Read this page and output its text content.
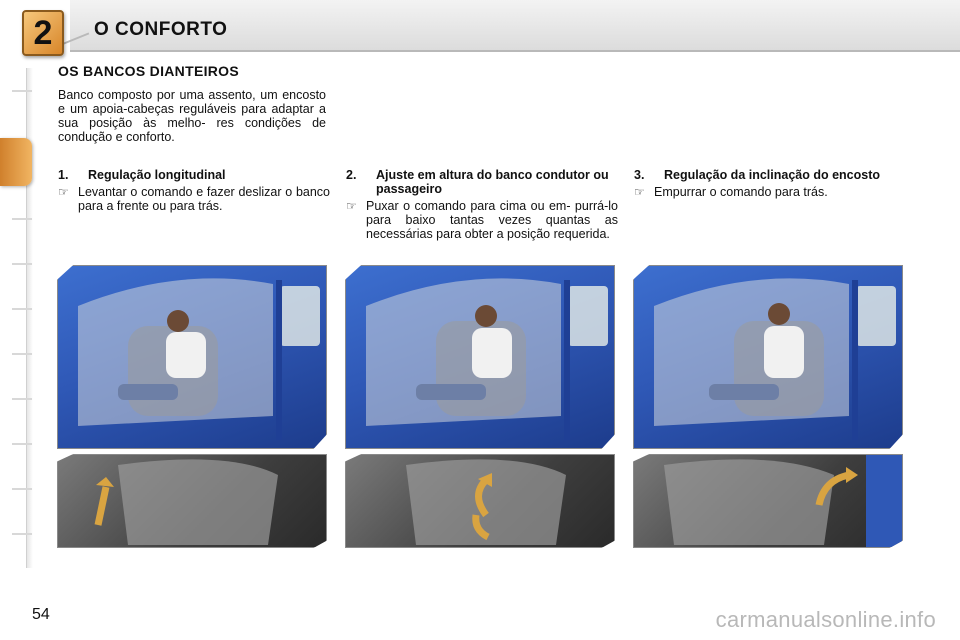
2	O CONFORTO
OS BANCOS DIANTEIROS
Banco composto por uma assento, um encosto e um apoia-cabeças reguláveis para adaptar a sua posição às melho- res condições de condução e conforto.
1.	Regulação longitudinal
☞ Levantar o comando e fazer deslizar o banco para a frente ou para trás.
2.	Ajuste em altura do banco condutor ou passageiro
☞ Puxar o comando para cima ou em- purrá-lo para baixo tantas vezes quantas as necessárias para obter a posição requerida.
3.	Regulação da inclinação do encosto
☞ Empurrar o comando para trás.
54	carmanualsonline.info
